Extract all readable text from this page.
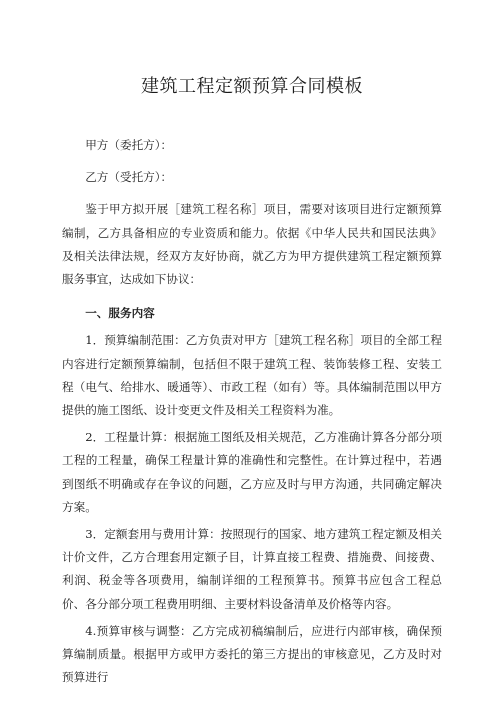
建筑工程定额预算合同模板

甲方（委托方）：

乙方（受托方）：

鉴于甲方拟开展［建筑工程名称］项目，需要对该项目进行定额预算编制，乙方具备相应的专业资质和能力。依据《中华人民共和国民法典》及相关法律法规，经双方友好协商，就乙方为甲方提供建筑工程定额预算服务事宜，达成如下协议：

一、服务内容

1．预算编制范围：乙方负责对甲方［建筑工程名称］项目的全部工程内容进行定额预算编制，包括但不限于建筑工程、装饰装修工程、安装工程（电气、给排水、暖通等）、市政工程（如有）等。具体编制范围以甲方提供的施工图纸、设计变更文件及相关工程资料为准。

2．工程量计算：根据施工图纸及相关规范，乙方准确计算各分部分项工程的工程量，确保工程量计算的准确性和完整性。在计算过程中，若遇到图纸不明确或存在争议的问题，乙方应及时与甲方沟通，共同确定解决方案。

3．定额套用与费用计算：按照现行的国家、地方建筑工程定额及相关计价文件，乙方合理套用定额子目，计算直接工程费、措施费、间接费、利润、税金等各项费用，编制详细的工程预算书。预算书应包含工程总价、各分部分项工程费用明细、主要材料设备清单及价格等内容。

4.预算审核与调整：乙方完成初稿编制后，应进行内部审核，确保预算编制质量。根据甲方或甲方委托的第三方提出的审核意见，乙方及时对预算进行
